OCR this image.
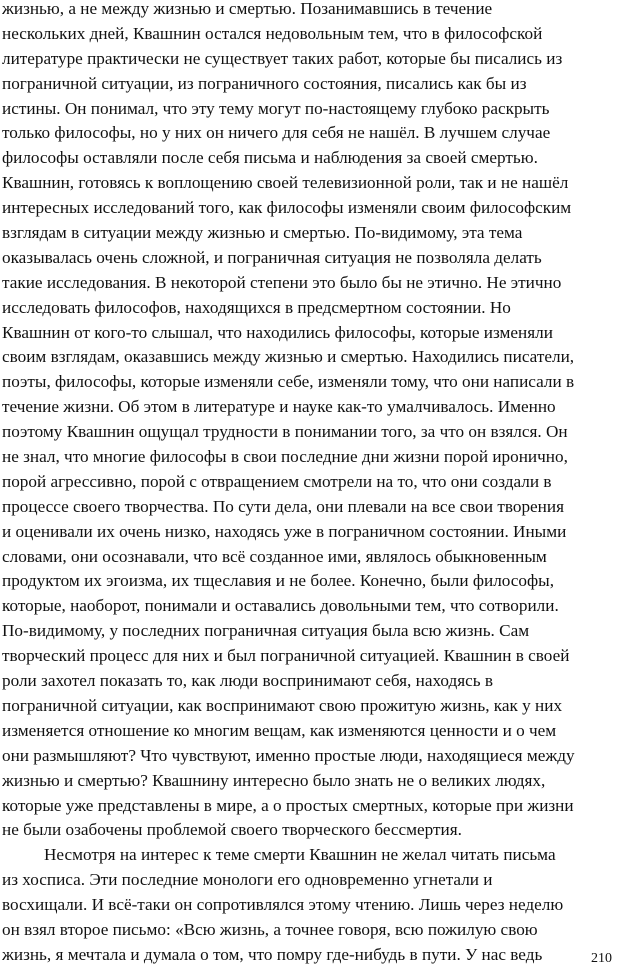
жизнью, а не между жизнью и смертью. Позанимавшись в течение
нескольких дней, Квашнин остался недовольным тем, что в философской
литературе практически не существует таких работ, которые бы писались из
пограничной ситуации, из пограничного состояния, писались как бы из
истины. Он понимал, что эту тему могут по-настоящему глубоко раскрыть
только философы, но у них он ничего для себя не нашёл. В лучшем случае
философы оставляли после себя письма и наблюдения за своей смертью.
Квашнин, готовясь к воплощению своей телевизионной роли, так и не нашёл
интересных исследований того, как философы изменяли своим философским
взглядам в ситуации между жизнью и смертью. По-видимому, эта тема
оказывалась очень сложной, и пограничная ситуация не позволяла делать
такие исследования. В некоторой степени это было бы не этично. Не этично
исследовать философов, находящихся в предсмертном состоянии. Но
Квашнин от кого-то слышал, что находились философы, которые изменяли
своим взглядам, оказавшись между жизнью и смертью. Находились писатели,
поэты, философы, которые изменяли себе, изменяли тому, что они написали в
течение жизни. Об этом в литературе и науке как-то умалчивалось. Именно
поэтому Квашнин ощущал трудности в понимании того, за что он взялся. Он
не знал, что многие философы в свои последние дни жизни порой иронично,
порой агрессивно, порой с отвращением смотрели на то, что они создали в
процессе своего творчества. По сути дела, они плевали на все свои творения
и оценивали их очень низко, находясь уже в пограничном состоянии. Иными
словами, они осознавали, что всё созданное ими, являлось обыкновенным
продуктом их эгоизма, их тщеславия и не более. Конечно, были философы,
которые, наоборот, понимали и оставались довольными тем, что сотворили.
По-видимому, у последних пограничная ситуация была всю жизнь. Сам
творческий процесс для них и был пограничной ситуацией. Квашнин в своей
роли захотел показать то, как люди воспринимают себя, находясь в
пограничной ситуации, как воспринимают свою прожитую жизнь, как у них
изменяется отношение ко многим вещам, как изменяются ценности и о чем
они размышляют? Что чувствуют, именно простые люди, находящиеся между
жизнью и смертью? Квашнину интересно было знать не о великих людях,
которые уже представлены в мире, а о простых смертных, которые при жизни
не были озабочены проблемой своего творческого бессмертия.
Несмотря на интерес к теме смерти Квашнин не желал читать письма
из хосписа. Эти последние монологи его одновременно угнетали и
восхищали. И всё-таки он сопротивлялся этому чтению. Лишь через неделю
он взял второе письмо: «Всю жизнь, а точнее говоря, всю пожилую свою
жизнь, я мечтала и думала о том, что помру где-нибудь в пути. У нас ведь	210
